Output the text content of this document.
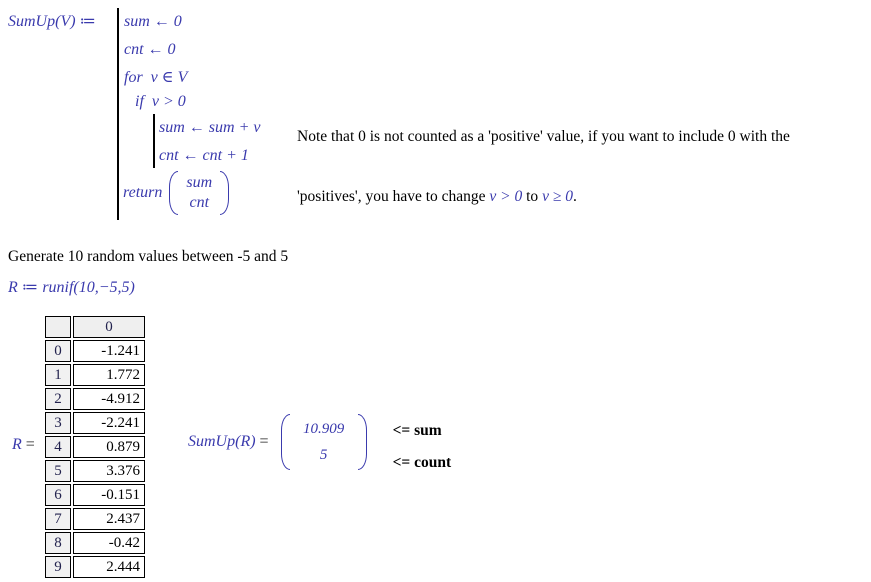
SumUp(V) ≔ sum ← 0
cnt ← 0
for  v ∈ V
if  v > 0
sum ← sum + v
cnt ← cnt + 1
return
sum
cnt

Note that 0 is not counted as a 'positive' value, if you want to include 0 with the

'positives', you have to change v > 0 to v ≥ 0.

Generate 10 random values between -5 and 5
R ≔ runif(10,−5,5)
R =
	0
0	-1.241
1	1.772
2	-4.912
3	-2.241
4	0.879
5	3.376
6	-0.151
7	2.437
8	-0.42
9	2.444
SumUp(R) =
10.909
5
<= sum
<= count
